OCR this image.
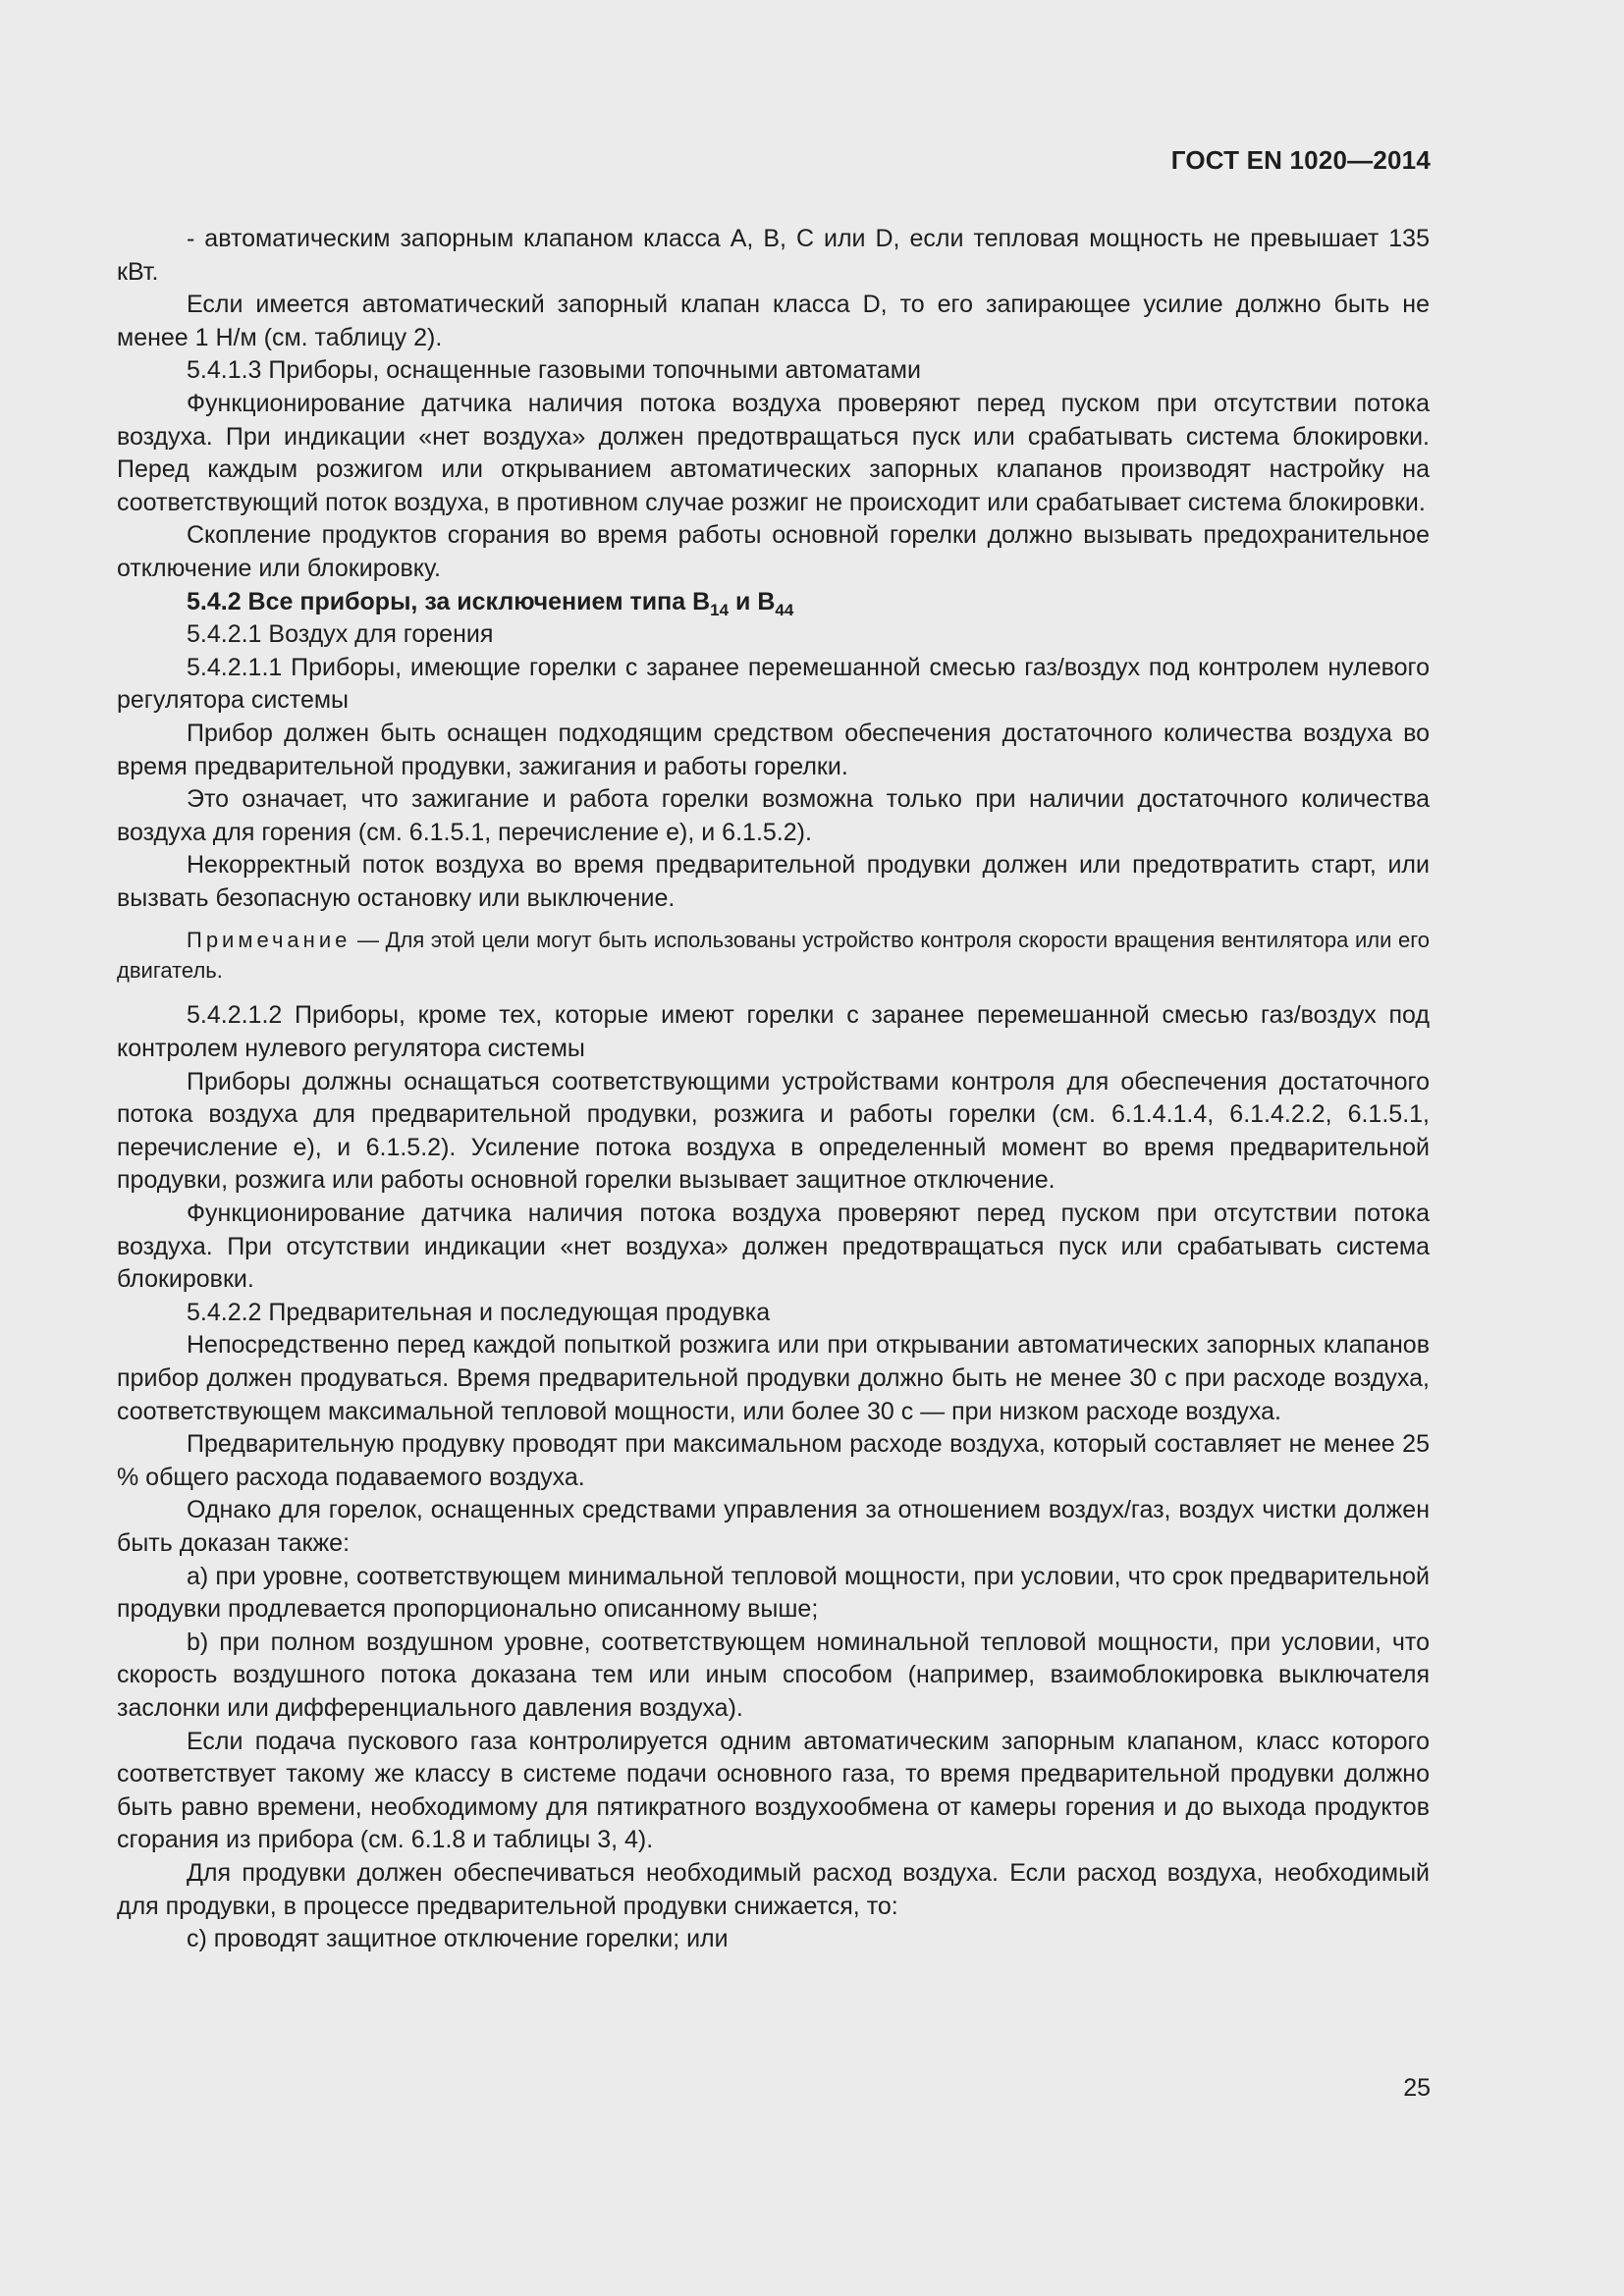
ГОСТ EN 1020—2014

- автоматическим запорным клапаном класса А, В, С или D, если тепловая мощность не превышает 135 кВт.

Если имеется автоматический запорный клапан класса D, то его запирающее усилие должно быть не менее 1 Н/м (см. таблицу 2).

5.4.1.3 Приборы, оснащенные газовыми топочными автоматами

Функционирование датчика наличия потока воздуха проверяют перед пуском при отсутствии потока воздуха. При индикации «нет воздуха» должен предотвращаться пуск или срабатывать система блокировки. Перед каждым розжигом или открыванием автоматических запорных клапанов производят настройку на соответствующий поток воздуха, в противном случае розжиг не происходит или срабатывает система блокировки.

Скопление продуктов сгорания во время работы основной горелки должно вызывать предохранительное отключение или блокировку.

5.4.2 Все приборы, за исключением типа $В_{14}$ и $В_{44}$

5.4.2.1 Воздух для горения

5.4.2.1.1 Приборы, имеющие горелки с заранее перемешанной смесью газ/воздух под контролем нулевого регулятора системы

Прибор должен быть оснащен подходящим средством обеспечения достаточного количества воздуха во время предварительной продувки, зажигания и работы горелки.

Это означает, что зажигание и работа горелки возможна только при наличии достаточного количества воздуха для горения (см. 6.1.5.1, перечисление е), и 6.1.5.2).

Некорректный поток воздуха во время предварительной продувки должен или предотвратить старт, или вызвать безопасную остановку или выключение.

Примечание — Для этой цели могут быть использованы устройство контроля скорости вращения вентилятора или его двигатель.

5.4.2.1.2 Приборы, кроме тех, которые имеют горелки с заранее перемешанной смесью газ/воздух под контролем нулевого регулятора системы

Приборы должны оснащаться соответствующими устройствами контроля для обеспечения достаточного потока воздуха для предварительной продувки, розжига и работы горелки (см. 6.1.4.1.4, 6.1.4.2.2, 6.1.5.1, перечисление е), и 6.1.5.2). Усиление потока воздуха в определенный момент во время предварительной продувки, розжига или работы основной горелки вызывает защитное отключение.

Функционирование датчика наличия потока воздуха проверяют перед пуском при отсутствии потока воздуха. При отсутствии индикации «нет воздуха» должен предотвращаться пуск или срабатывать система блокировки.

5.4.2.2 Предварительная и последующая продувка

Непосредственно перед каждой попыткой розжига или при открывании автоматических запорных клапанов прибор должен продуваться. Время предварительной продувки должно быть не менее 30 с при расходе воздуха, соответствующем максимальной тепловой мощности, или более 30 с — при низком расходе воздуха.

Предварительную продувку проводят при максимальном расходе воздуха, который составляет не менее 25 % общего расхода подаваемого воздуха.

Однако для горелок, оснащенных средствами управления за отношением воздух/газ, воздух чистки должен быть доказан также:

a) при уровне, соответствующем минимальной тепловой мощности, при условии, что срок предварительной продувки продлевается пропорционально описанному выше;

b) при полном воздушном уровне, соответствующем номинальной тепловой мощности, при условии, что скорость воздушного потока доказана тем или иным способом (например, взаимоблокировка выключателя заслонки или дифференциального давления воздуха).

Если подача пускового газа контролируется одним автоматическим запорным клапаном, класс которого соответствует такому же классу в системе подачи основного газа, то время предварительной продувки должно быть равно времени, необходимому для пятикратного воздухообмена от камеры горения и до выхода продуктов сгорания из прибора (см. 6.1.8 и таблицы 3, 4).

Для продувки должен обеспечиваться необходимый расход воздуха. Если расход воздуха, необходимый для продувки, в процессе предварительной продувки снижается, то:

c) проводят защитное отключение горелки; или

25
